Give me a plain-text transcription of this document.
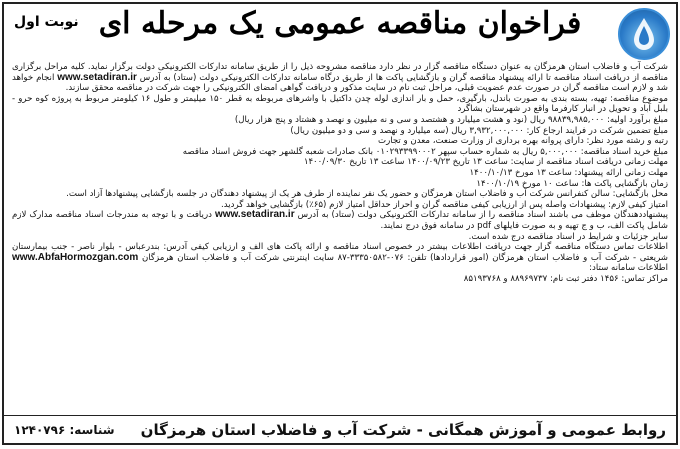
فراخوان مناقصه عمومی یک مرحله ای
نوبت اول

شرکت آب و فاضلاب استان هرمزگان به عنوان دستگاه مناقصه گزار در نظر دارد مناقصه مشروحه ذیل را از طریق سامانه تدارکات الکترونیکی دولت برگزار نماید. کلیه مراحل برگزاری مناقصه از دریافت اسناد مناقصه تا ارائه پیشنهاد مناقصه گران و بازگشایی پاکت ها از طریق درگاه سامانه تدارکات الکترونیکی دولت (ستاد) به آدرس www.setadiran.ir انجام خواهد شد و لازم است مناقصه گران در صورت عدم عضویت قبلی، مراحل ثبت نام در سایت مذکور و دریافت گواهی امضای الکترونیکی را جهت شرکت در مناقصه محقق سازند.

موضوع مناقصه: تهیه، بسته بندی به صورت باندل، بارگیری، حمل و بار اندازی لوله چدن داکتیل با واشرهای مربوطه به قطر ۱۵۰ میلیمتر و طول ۱۶ کیلومتر مربوط به پروژه کوه حرو - بلبل آباد و تحویل در انبار کارفرما واقع در شهرستان بشاگرد

مبلغ برآورد اولیه: ۹۸۸۳۹,۹۸۵,۰۰۰ ریال (نود و هشت میلیارد و هشتصد و سی و نه میلیون و نهصد و هشتاد و پنج هزار ریال)

مبلغ تضمین شرکت در فرایند ارجاع کار: ۳,۹۳۲,۰۰۰,۰۰۰ ریال (سه میلیارد و نهصد و سی و دو میلیون ریال)

رتبه و رشته مورد نظر: دارای پروانه بهره برداری از وزارت صنعت، معدن و تجارت

مبلغ خرید اسناد مناقصه: ۵,۰۰۰,۰۰۰ ریال به شماره حساب سپهر ۰۱۰۲۹۳۳۹۹۰۰۰۲ بانک صادرات شعبه گلشهر جهت فروش اسناد مناقصه

مهلت زمانی دریافت اسناد مناقصه از سایت: ساعت ۱۳ تاریخ ۱۴۰۰/۰۹/۲۳ ساعت ۱۳ تاریخ ۱۴۰۰/۰۹/۳۰

مهلت زمانی ارائه پیشنهاد: ساعت ۱۳ مورخ ۱۴۰۰/۱۰/۱۳

زمان بازگشایی پاکت ها: ساعت ۱۰ مورخ ۱۴۰۰/۱۰/۱۹

محل بازگشایی: سالن کنفرانس شرکت آب و فاضلاب استان هرمزگان و حضور یک نفر نماینده از طرف هر یک از پیشنهاد دهندگان در جلسه بازگشایی پیشنهادها آزاد است.

امتیاز کیفی لازم: پیشنهادات واصله پس از ارزیابی کیفی مناقصه گران و احراز حداقل امتیاز لازم (۶۵٪) بازگشایی خواهد گردید.

پیشنهاددهندگان موظف می باشند اسناد مناقصه را از سامانه تدارکات الکترونیکی دولت (ستاد) به آدرس www.setadiran.ir دریافت و با توجه به مندرجات اسناد مناقصه مدارک لازم شامل پاکت الف، ب و ج تهیه و به صورت فایلهای pdf در سامانه فوق درج نمایند.

سایر جزئیات و شرایط در اسناد مناقصه درج شده است.

اطلاعات تماس دستگاه مناقصه گزار جهت دریافت اطلاعات بیشتر در خصوص اسناد مناقصه و ارائه پاکت های الف و ارزیابی کیفی آدرس: بندرعباس - بلوار ناصر - جنب بیمارستان شریعتی - شرکت آب و فاضلاب استان هرمزگان (امور قراردادها) تلفن: ۰۷۶-۳۳۳۵۰۵۸۲-۸۷ سایت اینترنتی شرکت آب و فاضلاب استان هرمزگان www.AbfaHormozgan.com اطلاعات سامانه ستاد:

مراکز تماس: ۱۴۵۶ دفتر ثبت نام: ۸۸۹۶۹۷۳۷ و ۸۵۱۹۳۷۶۸

روابط عمومی و آموزش همگانی - شرکت آب و فاضلاب استان هرمزگان
شناسه: ۱۲۴۰۷۹۶
